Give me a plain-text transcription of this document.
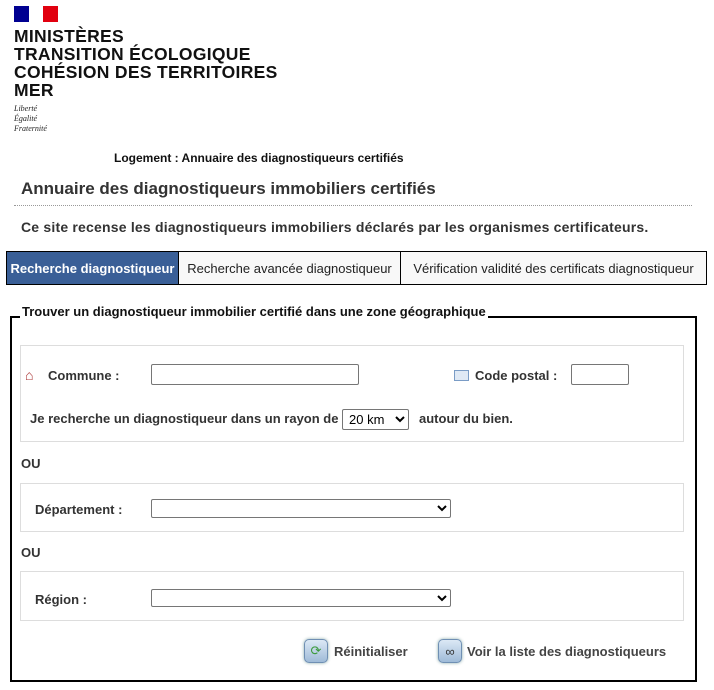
MINISTÈRES
TRANSITION ÉCOLOGIQUE
COHÉSION DES TERRITOIRES
MER
Liberté
Égalité
Fraternité
Logement : Annuaire des diagnostiqueurs certifiés
Annuaire des diagnostiqueurs immobiliers certifiés
Ce site recense les diagnostiqueurs immobiliers déclarés par les organismes certificateurs.
Recherche diagnostiqueur Recherche avancée diagnostiqueur	Vérification validité des certificats diagnostiqueur
Trouver un diagnostiqueur immobilier certifié dans une zone géographique
⌂ Commune :	Code postal :
Je recherche un diagnostiqueur dans un rayon de
20 km	autour du bien.
OU
Département :
OU
Région :
⟳ Réinitialiser	∞ Voir la liste des diagnostiqueurs
